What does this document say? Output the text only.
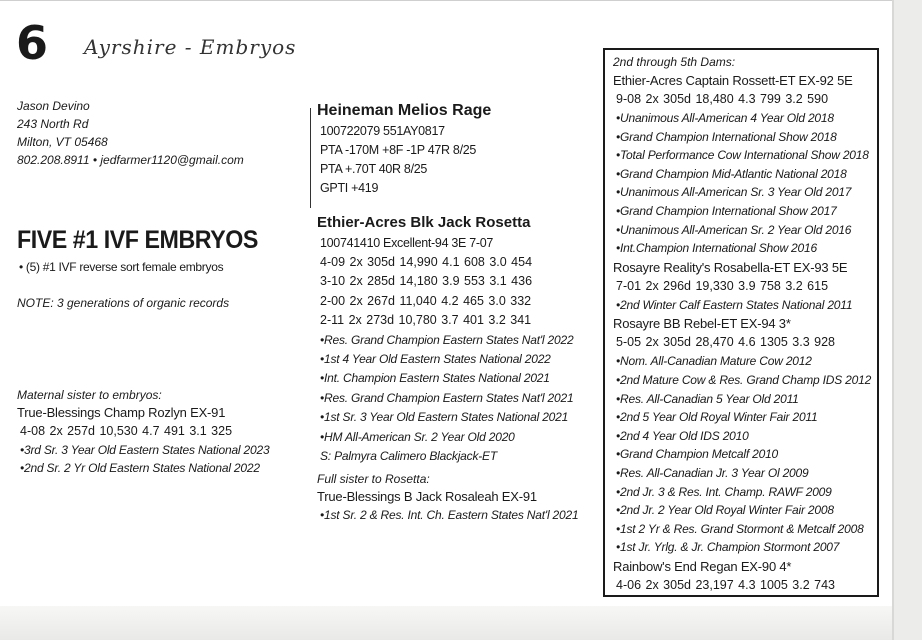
6 Ayrshire - Embryos
Jason Devino
243 North Rd
Milton, VT 05468
802.208.8911 • jedfarmer1120@gmail.com
FIVE #1 IVF EMBRYOS
• (5) #1 IVF reverse sort female embryos
NOTE: 3 generations of organic records
Maternal sister to embryos:
True-Blessings Champ Rozlyn EX-91
4-08 2x 257d 10,530 4.7 491 3.1 325
•3rd Sr. 3 Year Old Eastern States National 2023
•2nd Sr. 2 Yr Old Eastern States National 2022
Heineman Melios Rage
100722079 551AY0817
PTA -170M +8F -1P 47R 8/25
PTA +.70T 40R 8/25
GPTI +419
Ethier-Acres Blk Jack Rosetta
100741410 Excellent-94 3E 7-07
4-09 2x 305d 14,990 4.1 608 3.0 454
3-10 2x 285d 14,180 3.9 553 3.1 436
2-00 2x 267d 11,040 4.2 465 3.0 332
2-11 2x 273d 10,780 3.7 401 3.2 341
•Res. Grand Champion Eastern States Nat'l 2022
•1st 4 Year Old Eastern States National 2022
•Int. Champion Eastern States National 2021
•Res. Grand Champion Eastern States Nat'l 2021
•1st Sr. 3 Year Old Eastern States National 2021
•HM All-American Sr. 2 Year Old 2020
S: Palmyra Calimero Blackjack-ET
Full sister to Rosetta:
True-Blessings B Jack Rosaleah EX-91
•1st Sr. 2 & Res. Int. Ch. Eastern States Nat'l 2021
2nd through 5th Dams:
Ethier-Acres Captain Rossett-ET EX-92 5E
9-08 2x 305d 18,480 4.3 799 3.2 590
•Unanimous All-American 4 Year Old 2018
•Grand Champion International Show 2018
•Total Performance Cow International Show 2018
•Grand Champion Mid-Atlantic National 2018
•Unanimous All-American Sr. 3 Year Old 2017
•Grand Champion International Show 2017
•Unanimous All-American Sr. 2 Year Old 2016
•Int.Champion International Show 2016
Rosayre Reality's Rosabella-ET EX-93 5E
7-01 2x 296d 19,330 3.9 758 3.2 615
•2nd Winter Calf Eastern States National 2011
Rosayre BB Rebel-ET EX-94 3*
5-05 2x 305d 28,470 4.6 1305 3.3 928
•Nom. All-Canadian Mature Cow 2012
•2nd Mature Cow & Res. Grand Champ IDS 2012
•Res. All-Canadian 5 Year Old 2011
•2nd 5 Year Old Royal Winter Fair 2011
•2nd 4 Year Old IDS 2010
•Grand Champion Metcalf 2010
•Res. All-Canadian Jr. 3 Year Ol 2009
•2nd Jr. 3 & Res. Int. Champ. RAWF 2009
•2nd Jr. 2 Year Old Royal Winter Fair 2008
•1st 2 Yr & Res. Grand Stormont & Metcalf 2008
•1st Jr. Yrlg. & Jr. Champion Stormont 2007
Rainbow's End Regan EX-90 4*
4-06 2x 305d 23,197 4.3 1005 3.2 743
